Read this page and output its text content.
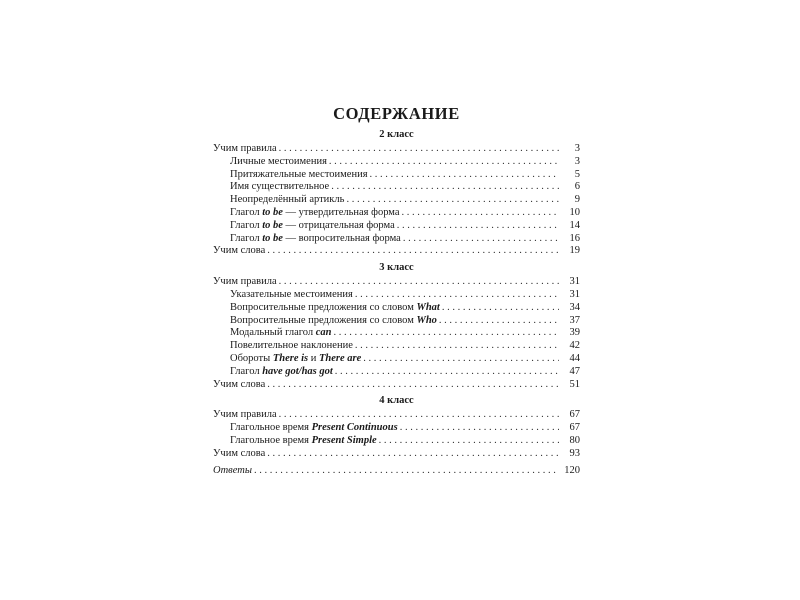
СОДЕРЖАНИЕ
2 класс
Учим правила . . .	3
Личные местоимения . . .	3
Притяжательные местоимения . . .	5
Имя существительное . . .	6
Неопределённый артикль . . .	9
Глагол to be — утвердительная форма . . .	10
Глагол to be — отрицательная форма . . .	14
Глагол to be — вопросительная форма . . .	16
Учим слова . . .	19
3 класс
Учим правила . . .	31
Указательные местоимения . . .	31
Вопросительные предложения со словом What . . .	34
Вопросительные предложения со словом Who . . .	37
Модальный глагол can . . .	39
Повелительное наклонение . . .	42
Обороты There is и There are . . .	44
Глагол have got/has got . . .	47
Учим слова . . .	51
4 класс
Учим правила . . .	67
Глагольное время Present Continuous . . .	67
Глагольное время Present Simple . . .	80
Учим слова . . .	93
Ответы . . .	120
